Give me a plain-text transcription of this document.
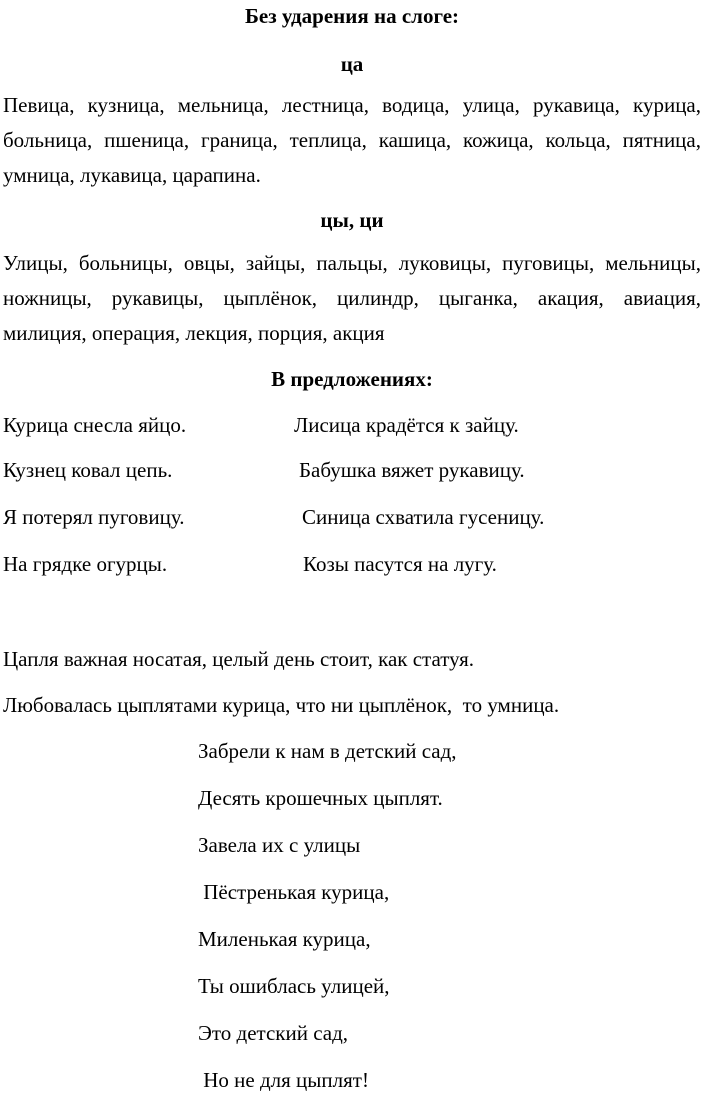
Без ударения на слоге:
ца

Певица, кузница, мельница, лестница, водица, улица, рукавица, курица, больница, пшеница, граница, теплица, кашица, кожица, кольца, пятница, умница, лукавица, царапина.

цы, ци

Улицы, больницы, овцы, зайцы, пальцы, луковицы, пуговицы, мельницы, ножницы, рукавицы, цыплёнок, цилиндр, цыганка, акация, авиация, милиция, операция, лекция, порция, акция

В предложениях:
Курица снесла яйцо.	Лисица крадётся к зайцу.
Кузнец ковал цепь.	Бабушка вяжет рукавицу.
Я потерял пуговицу.	Синица схватила гусеницу.
На грядке огурцы.	Козы пасутся на лугу.

Цапля важная носатая, целый день стоит, как статуя.

Любовалась цыплятами курица, что ни цыплёнок,  то умница.

Забрели к нам в детский сад,

Десять крошечных цыплят.

Завела их с улицы

Пёстренькая курица,

Миленькая курица,

Ты ошиблась улицей,

Это детский сад,

Но не для цыплят!
